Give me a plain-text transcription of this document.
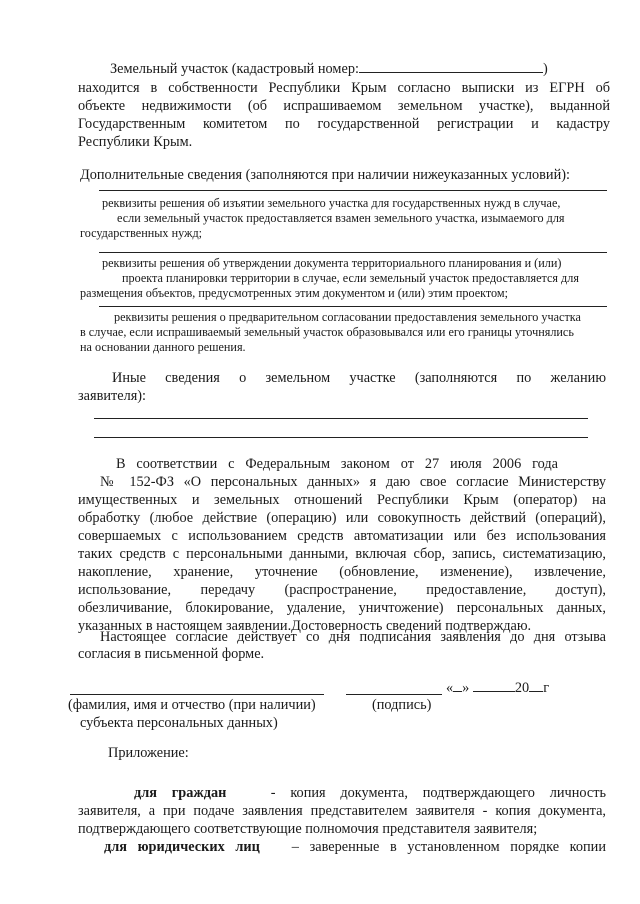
Земельный участок (кадастровый номер:	)
находится в собственности Республики Крым согласно выписки из ЕГРН об
объекте недвижимости (об испрашиваемом земельном участке), выданной
Государственным комитетом по государственной регистрации и кадастру
Республики Крым.
Дополнительные сведения (заполняются при наличии нижеуказанных условий):
реквизиты решения об изъятии земельного участка для государственных нужд в случае,
если земельный участок предоставляется взамен земельного участка, изымаемого для
государственных нужд;
реквизиты решения об утверждении документа территориального планирования и (или)
проекта планировки территории в случае, если земельный участок предоставляется для
размещения объектов, предусмотренных этим документом и (или) этим проектом;
реквизиты решения о предварительном согласовании предоставления земельного участка
в случае, если испрашиваемый земельный участок образовывался или его границы уточнялись
на основании данного решения.
Иные сведения о земельном участке (заполняются по желанию
заявителя):
В соответствии с Федеральным законом от 27 июля 2006 года
№ 152-ФЗ «О персональных данных» я даю свое согласие Министерству
имущественных и земельных отношений Республики Крым (оператор) на
обработку (любое действие (операцию) или совокупность действий (операций),
совершаемых с использованием средств автоматизации или без использования
таких средств с персональными данными, включая сбор, запись, систематизацию,
накопление, хранение, уточнение (обновление, изменение), извлечение,
использование, передачу (распространение, предоставление, доступ),
обезличивание, блокирование, удаление, уничтожение) персональных данных,
указанных в настоящем заявлении.Достоверность сведений подтверждаю.
Настоящее согласие действует со дня подписания заявления до дня отзыва
согласия в письменной форме.
« »	20 г
(фамилия, имя и отчество (при наличии)	(подпись)
субъекта персональных данных)
Приложение:
для граждан	- копия документа, подтверждающего личность
заявителя, а при подаче заявления представителем заявителя - копия документа,
подтверждающего соответствующие полномочия представителя заявителя;
для юридических лиц – заверенные в установленном порядке копии
